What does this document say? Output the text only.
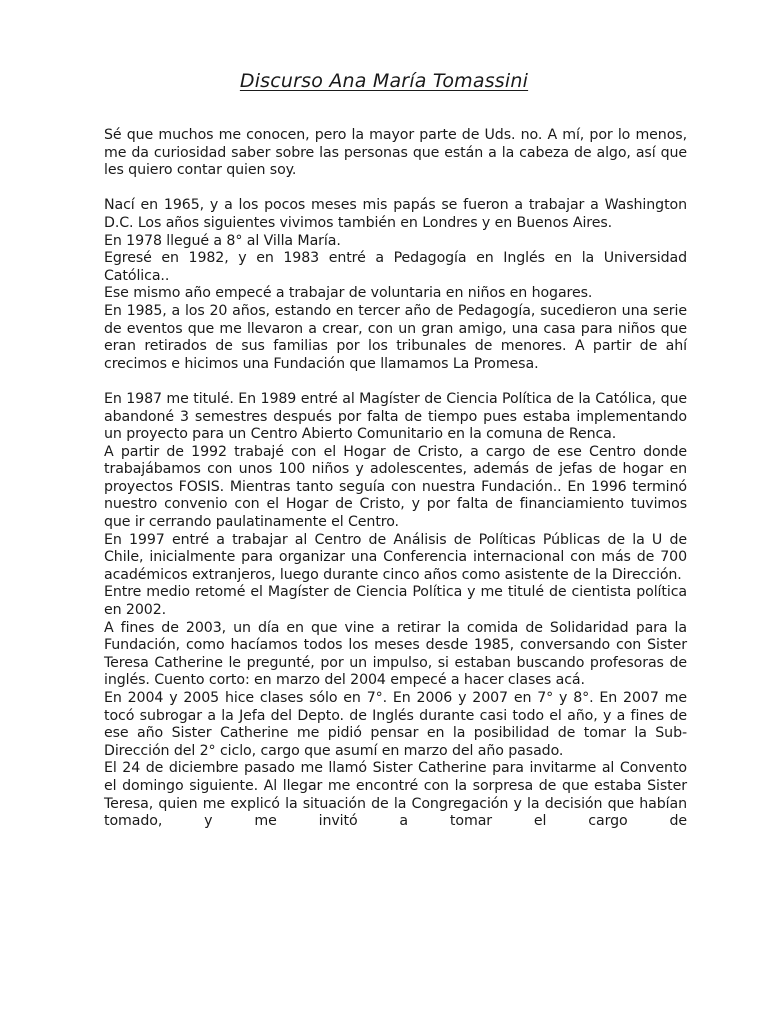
Discurso Ana María Tomassini

Sé que muchos me conocen, pero la mayor parte de Uds. no. A mí, por lo menos, me da curiosidad saber sobre las personas que están a la cabeza de algo, así que les quiero contar quien soy.

Nací en 1965, y a los pocos meses mis papás se fueron a trabajar a Washington D.C. Los años siguientes vivimos también en Londres y en Buenos Aires.

En 1978 llegué a 8° al Villa María.

Egresé en 1982, y en 1983 entré a Pedagogía en Inglés en la Universidad Católica..

Ese mismo año empecé a trabajar de voluntaria en niños en hogares.

En 1985, a los 20 años, estando en tercer año de Pedagogía, sucedieron una serie de eventos que me llevaron a crear, con un gran amigo, una casa para niños que eran retirados de sus familias por los tribunales de menores. A partir de ahí crecimos e hicimos una Fundación que llamamos La Promesa.

En 1987 me titulé. En 1989 entré al Magíster de Ciencia Política de la Católica, que abandoné 3 semestres después por falta de tiempo pues estaba implementando un proyecto para un Centro Abierto Comunitario en la comuna de Renca.

A partir de 1992 trabajé con el Hogar de Cristo, a cargo de ese Centro donde trabajábamos con unos 100 niños y adolescentes, además de jefas de hogar en proyectos FOSIS. Mientras tanto seguía con nuestra Fundación.. En 1996 terminó nuestro convenio con el Hogar de Cristo, y por falta de financiamiento tuvimos que ir cerrando paulatinamente el Centro.

En 1997 entré a trabajar al Centro de Análisis de Políticas Públicas de la U de Chile, inicialmente para organizar una Conferencia internacional con más de 700 académicos extranjeros, luego durante cinco años como asistente de la Dirección.

Entre medio retomé el Magíster de Ciencia Política y me titulé de cientista política en 2002.

A fines de 2003, un día en que vine a retirar la comida de Solidaridad para la Fundación, como hacíamos todos los meses desde 1985, conversando con Sister Teresa Catherine le pregunté, por un impulso, si estaban buscando profesoras de inglés. Cuento corto: en marzo del 2004 empecé a hacer clases acá.

En 2004 y 2005 hice clases sólo en 7°. En 2006 y 2007 en 7° y 8°. En 2007 me tocó subrogar a la Jefa del Depto. de Inglés durante casi todo el año, y a fines de ese año Sister Catherine me pidió pensar en la posibilidad de tomar la Sub-Dirección del 2° ciclo, cargo que asumí en marzo del año pasado.

El 24 de diciembre pasado me llamó Sister Catherine para invitarme al Convento el domingo siguiente. Al llegar me encontré con la sorpresa de que estaba Sister Teresa, quien me explicó la situación de la Congregación y la decisión que habían tomado, y me invitó a tomar el cargo de
